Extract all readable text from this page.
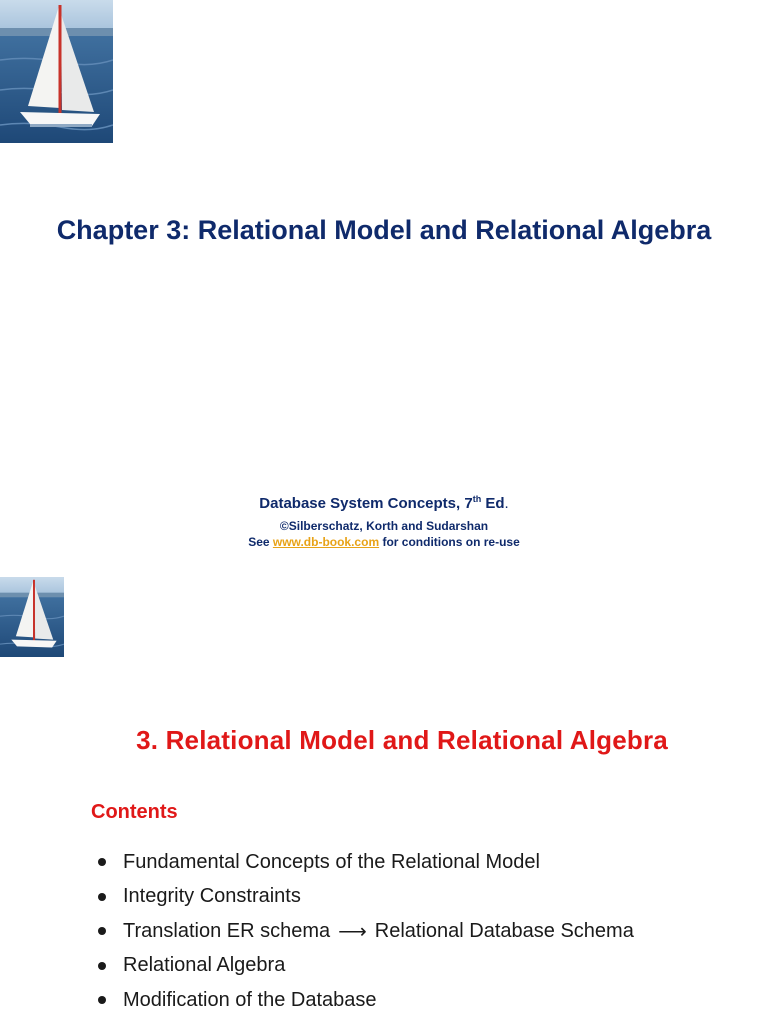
Chapter 3: Relational Model and Relational Algebra
Database System Concepts, 7th Ed.
©Silberschatz, Korth and Sudarshan
See www.db-book.com for conditions on re-use
3. Relational Model and Relational Algebra
Contents
Fundamental Concepts of the Relational Model
Integrity Constraints
Translation ER schema ⟶ Relational Database Schema
Relational Algebra
Modification of the Database
